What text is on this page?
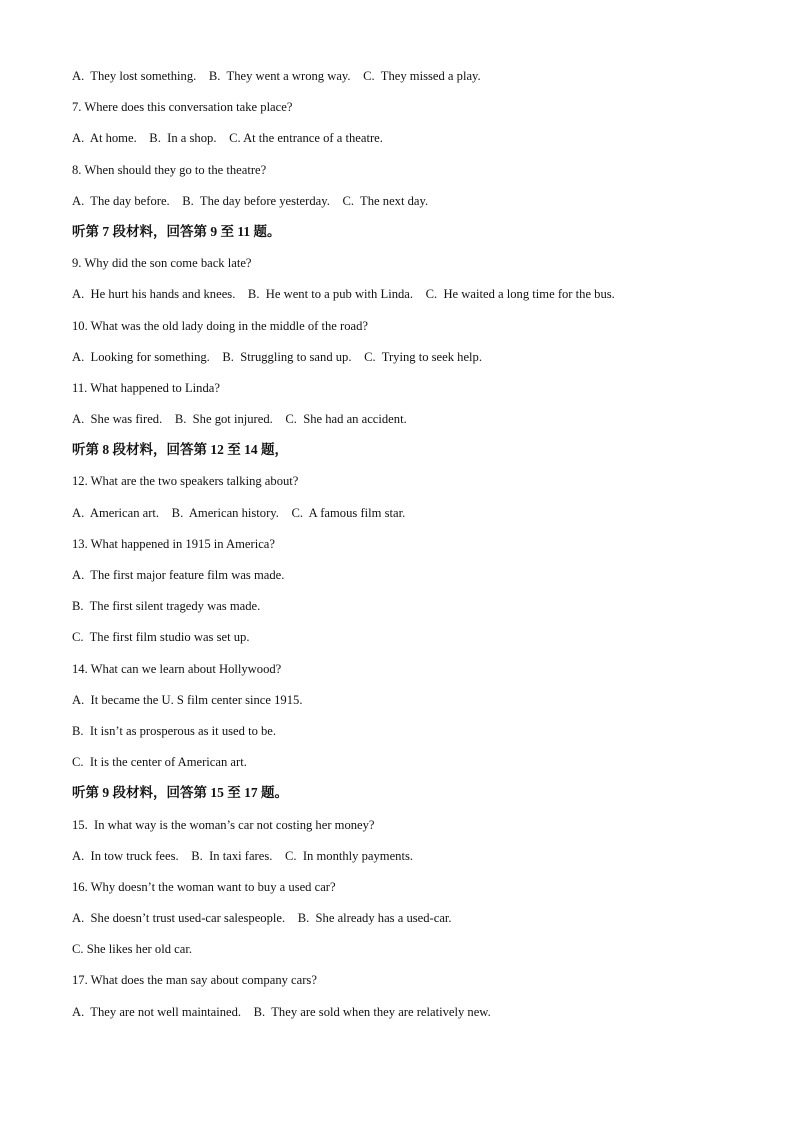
A.  They lost something.    B.  They went a wrong way.    C.  They missed a play.
7. Where does this conversation take place?
A.  At home.    B.  In a shop.    C. At the entrance of a theatre.
8. When should they go to the theatre?
A.  The day before.    B.  The day before yesterday.    C.  The next day.
听第 7 段材料，回答第 9 至 11 题。
9. Why did the son come back late?
A.  He hurt his hands and knees.    B.  He went to a pub with Linda.    C.  He waited a long time for the bus.
10. What was the old lady doing in the middle of the road?
A.  Looking for something.    B.  Struggling to sand up.    C.  Trying to seek help.
11. What happened to Linda?
A.  She was fired.    B.  She got injured.    C.  She had an accident.
听第 8 段材料，回答第 12 至 14 题，
12. What are the two speakers talking about?
A.  American art.    B.  American history.    C.  A famous film star.
13. What happened in 1915 in America?
A.  The first major feature film was made.
B.  The first silent tragedy was made.
C.  The first film studio was set up.
14. What can we learn about Hollywood?
A.  It became the U. S film center since 1915.
B.  It isn’t as prosperous as it used to be.
C.  It is the center of American art.
听第 9 段材料，回答第 15 至 17 题。
15.  In what way is the woman’s car not costing her money?
A.  In tow truck fees.    B.  In taxi fares.    C.  In monthly payments.
16. Why doesn’t the woman want to buy a used car?
A.  She doesn’t trust used-car salespeople.    B.  She already has a used-car.
C. She likes her old car.
17. What does the man say about company cars?
A.  They are not well maintained.    B.  They are sold when they are relatively new.
